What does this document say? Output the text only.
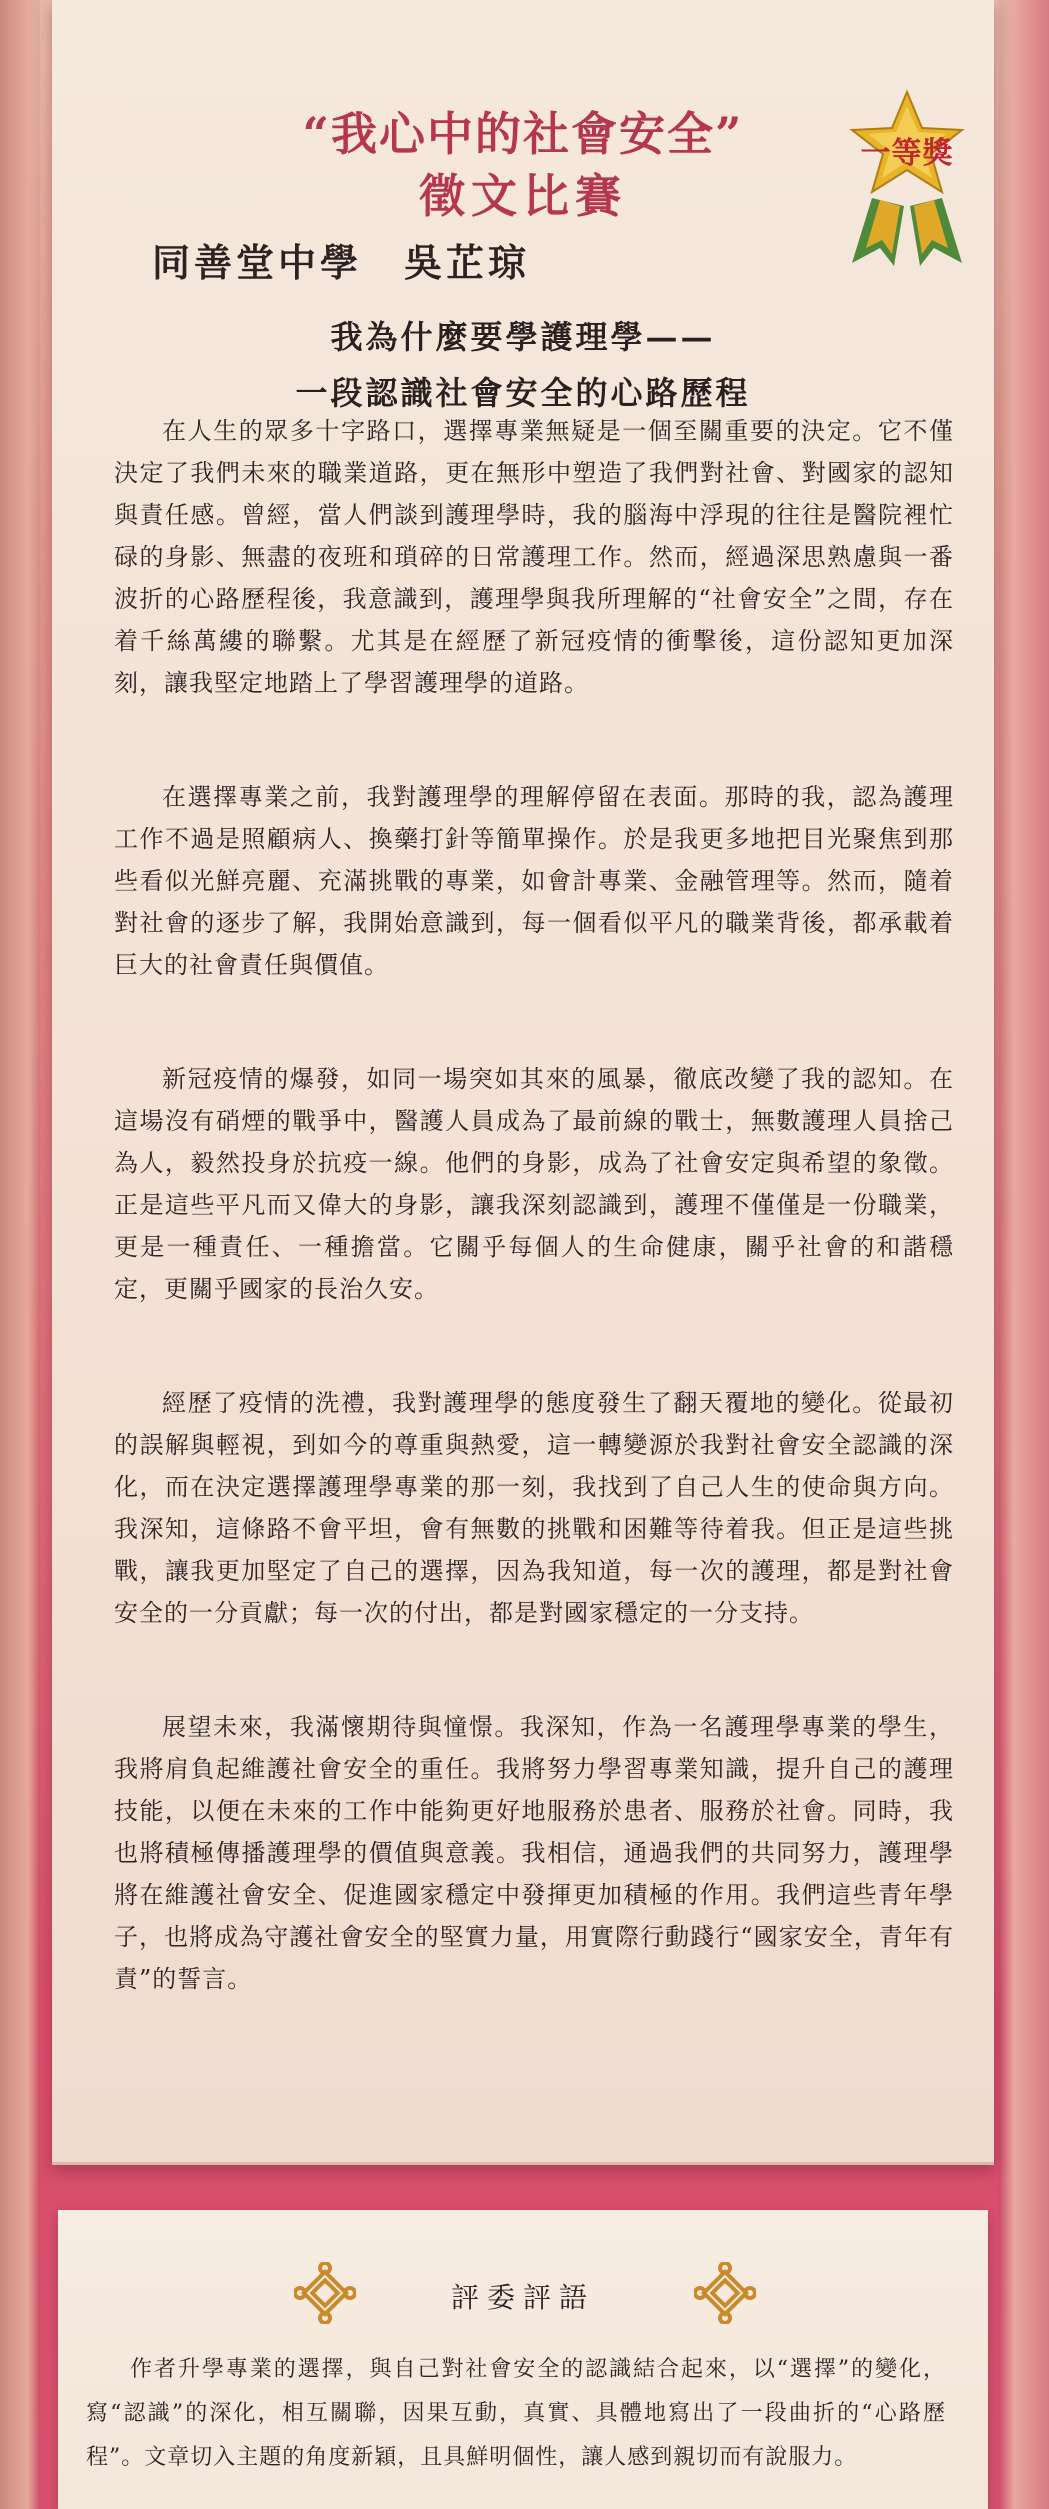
“我心中的社會安全”
徵文比賽
同善堂中學　吳芷琼
一等獎
我為什麼要學護理學——
一段認識社會安全的心路歷程

在人生的眾多十字路口，選擇專業無疑是一個至關重要的決定。它不僅決定了我們未來的職業道路，更在無形中塑造了我們對社會、對國家的認知與責任感。曾經，當人們談到護理學時，我的腦海中浮現的往往是醫院裡忙碌的身影、無盡的夜班和瑣碎的日常護理工作。然而，經過深思熟慮與一番波折的心路歷程後，我意識到，護理學與我所理解的“社會安全”之間，存在着千絲萬縷的聯繫。尤其是在經歷了新冠疫情的衝擊後，這份認知更加深刻，讓我堅定地踏上了學習護理學的道路。

在選擇專業之前，我對護理學的理解停留在表面。那時的我，認為護理工作不過是照顧病人、換藥打針等簡單操作。於是我更多地把目光聚焦到那些看似光鮮亮麗、充滿挑戰的專業，如會計專業、金融管理等。然而，隨着對社會的逐步了解，我開始意識到，每一個看似平凡的職業背後，都承載着巨大的社會責任與價值。

新冠疫情的爆發，如同一場突如其來的風暴，徹底改變了我的認知。在這場沒有硝煙的戰爭中，醫護人員成為了最前線的戰士，無數護理人員捨己為人，毅然投身於抗疫一線。他們的身影，成為了社會安定與希望的象徵。正是這些平凡而又偉大的身影，讓我深刻認識到，護理不僅僅是一份職業，更是一種責任、一種擔當。它關乎每個人的生命健康，關乎社會的和諧穩定，更關乎國家的長治久安。

經歷了疫情的洗禮，我對護理學的態度發生了翻天覆地的變化。從最初的誤解與輕視，到如今的尊重與熱愛，這一轉變源於我對社會安全認識的深化，而在決定選擇護理學專業的那一刻，我找到了自己人生的使命與方向。我深知，這條路不會平坦，會有無數的挑戰和困難等待着我。但正是這些挑戰，讓我更加堅定了自己的選擇，因為我知道，每一次的護理，都是對社會安全的一分貢獻；每一次的付出，都是對國家穩定的一分支持。

展望未來，我滿懷期待與憧憬。我深知，作為一名護理學專業的學生，我將肩負起維護社會安全的重任。我將努力學習專業知識，提升自己的護理技能，以便在未來的工作中能夠更好地服務於患者、服務於社會。同時，我也將積極傳播護理學的價值與意義。我相信，通過我們的共同努力，護理學將在維護社會安全、促進國家穩定中發揮更加積極的作用。我們這些青年學子，也將成為守護社會安全的堅實力量，用實際行動踐行“國家安全，青年有責”的誓言。

評委評語
作者升學專業的選擇，與自己對社會安全的認識結合起來，以“選擇”的變化，寫“認識”的深化，相互關聯，因果互動，真實、具體地寫出了一段曲折的“心路歷程”。文章切入主題的角度新穎，且具鮮明個性，讓人感到親切而有說服力。
